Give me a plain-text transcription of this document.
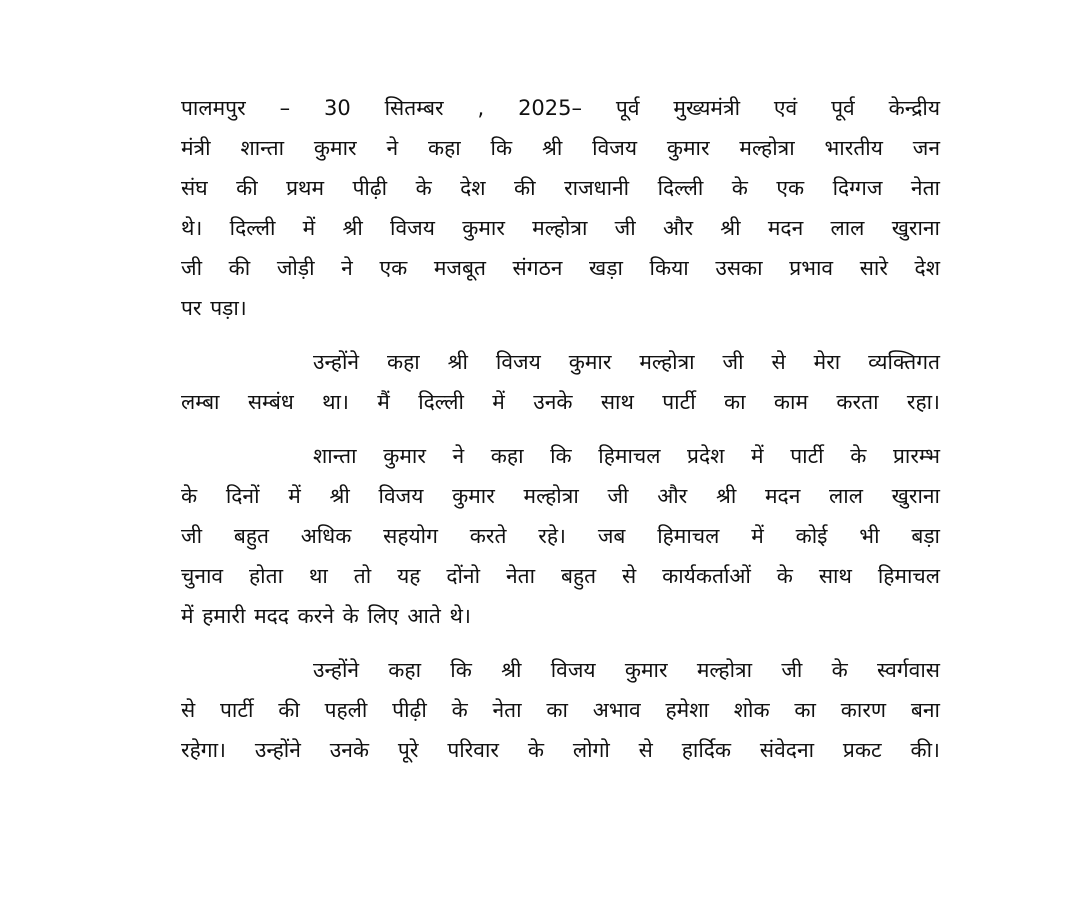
पालमपुर – 30 सितम्बर , 2025– पूर्व मुख्यमंत्री एवं पूर्व केन्द्रीय
मंत्री शान्ता कुमार ने कहा कि श्री विजय कुमार मल्होत्रा भारतीय जन
संघ की प्रथम पीढ़ी के देश की राजधानी दिल्ली के एक दिग्गज नेता
थे। दिल्ली में श्री विजय कुमार मल्होत्रा जी और श्री मदन लाल खुराना
जी की जोड़ी ने एक मजबूत संगठन खड़ा किया उसका प्रभाव सारे देश
पर पड़ा।
उन्होंने कहा श्री विजय कुमार मल्होत्रा जी से मेरा व्यक्तिगत
लम्बा सम्बंध था। मैं दिल्ली में उनके साथ पार्टी का काम करता रहा।
शान्ता कुमार ने कहा कि हिमाचल प्रदेश में पार्टी के प्रारम्भ
के दिनों में श्री विजय कुमार मल्होत्रा जी और श्री मदन लाल खुराना
जी बहुत अधिक सहयोग करते रहे। जब हिमाचल में कोई भी बड़ा
चुनाव होता था तो यह दोंनो नेता बहुत से कार्यकर्ताओं के साथ हिमाचल
में हमारी मदद करने के लिए आते थे।
उन्होंने कहा कि श्री विजय कुमार मल्होत्रा जी के स्वर्गवास
से पार्टी की पहली पीढ़ी के नेता का अभाव हमेशा शोक का कारण बना
रहेगा। उन्होंने उनके पूरे परिवार के लोगो से हार्दिक संवेदना प्रकट की।
